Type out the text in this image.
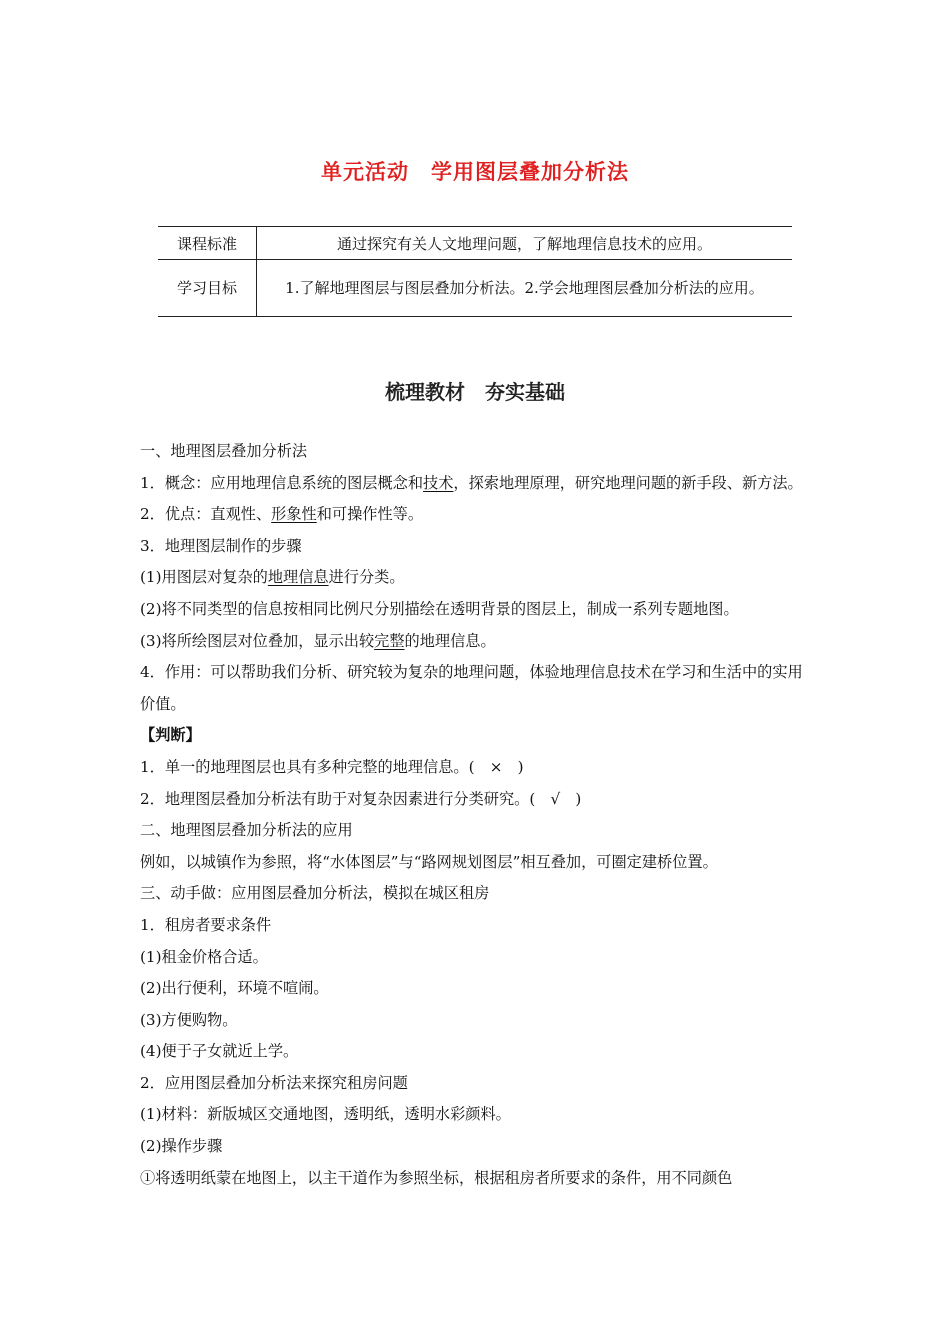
单元活动　学用图层叠加分析法
课程标准	通过探究有关人文地理问题，了解地理信息技术的应用。
学习目标	1.了解地理图层与图层叠加分析法。2.学会地理图层叠加分析法的应用。
梳理教材　夯实基础

一、地理图层叠加分析法

1．概念：应用地理信息系统的图层概念和技术，探索地理原理，研究地理问题的新手段、新方法。

2．优点：直观性、形象性和可操作性等。

3．地理图层制作的步骤

(1)用图层对复杂的地理信息进行分类。

(2)将不同类型的信息按相同比例尺分别描绘在透明背景的图层上，制成一系列专题地图。

(3)将所绘图层对位叠加，显示出较完整的地理信息。

4．作用：可以帮助我们分析、研究较为复杂的地理问题，体验地理信息技术在学习和生活中的实用价值。

【判断】

1．单一的地理图层也具有多种完整的地理信息。(　×　)

2．地理图层叠加分析法有助于对复杂因素进行分类研究。(　√　)

二、地理图层叠加分析法的应用

例如，以城镇作为参照，将“水体图层”与“路网规划图层”相互叠加，可圈定建桥位置。

三、动手做：应用图层叠加分析法，模拟在城区租房

1．租房者要求条件

(1)租金价格合适。

(2)出行便利，环境不喧闹。

(3)方便购物。

(4)便于子女就近上学。

2．应用图层叠加分析法来探究租房问题

(1)材料：新版城区交通地图，透明纸，透明水彩颜料。

(2)操作步骤

①将透明纸蒙在地图上，以主干道作为参照坐标，根据租房者所要求的条件，用不同颜色
